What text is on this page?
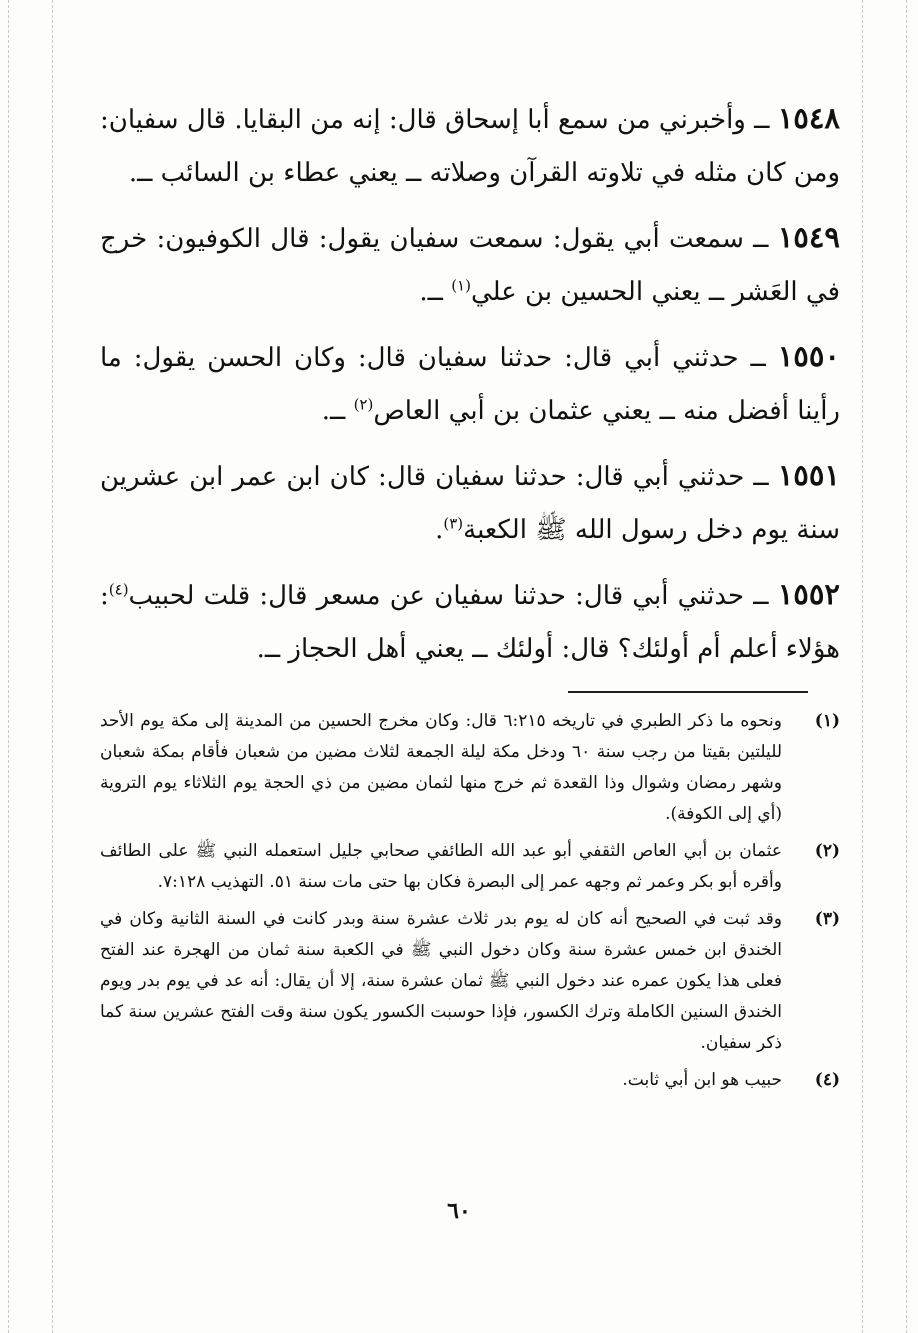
١٥٤٨ ــ وأخبرني من سمع أبا إسحاق قال: إنه من البقايا. قال سفيان: ومن كان مثله في تلاوته القرآن وصلاته ــ يعني عطاء بن السائب ــ.

١٥٤٩ ــ سمعت أبي يقول: سمعت سفيان يقول: قال الكوفيون: خرج في العَشر ــ يعني الحسين بن علي$^{(١)}$ ــ.

١٥٥٠ ــ حدثني أبي قال: حدثنا سفيان قال: وكان الحسن يقول: ما رأينا أفضل منه ــ يعني عثمان بن أبي العاص$^{(٢)}$ ــ.

١٥٥١ ــ حدثني أبي قال: حدثنا سفيان قال: كان ابن عمر ابن عشرين سنة يوم دخل رسول الله ﷺ الكعبة$^{(٣)}$.

١٥٥٢ ــ حدثني أبي قال: حدثنا سفيان عن مسعر قال: قلت لحبيب$^{(٤)}$: هؤلاء أعلم أم أولئك؟ قال: أولئك ــ يعني أهل الحجاز ــ.

(١)
ونحوه ما ذكر الطبري في تاريخه ٦:٢١٥ قال: وكان مخرج الحسين من المدينة إلى مكة يوم الأحد لليلتين بقيتا من رجب سنة ٦٠ ودخل مكة ليلة الجمعة لثلاث مضين من شعبان فأقام بمكة شعبان وشهر رمضان وشوال وذا القعدة ثم خرج منها لثمان مضين من ذي الحجة يوم الثلاثاء يوم التروية (أي إلى الكوفة).
(٢)
عثمان بن أبي العاص الثقفي أبو عبد الله الطائفي صحابي جليل استعمله النبي ﷺ على الطائف وأقره أبو بكر وعمر ثم وجهه عمر إلى البصرة فكان بها حتى مات سنة ٥١. التهذيب ٧:١٢٨.
(٣)
وقد ثبت في الصحيح أنه كان له يوم بدر ثلاث عشرة سنة وبدر كانت في السنة الثانية وكان في الخندق ابن خمس عشرة سنة وكان دخول النبي ﷺ في الكعبة سنة ثمان من الهجرة عند الفتح فعلى هذا يكون عمره عند دخول النبي ﷺ ثمان عشرة سنة، إلا أن يقال: أنه عد في يوم بدر ويوم الخندق السنين الكاملة وترك الكسور، فإذا حوسبت الكسور يكون سنة وقت الفتح عشرين سنة كما ذكر سفيان.
(٤)
حبيب هو ابن أبي ثابت.
٦٠
